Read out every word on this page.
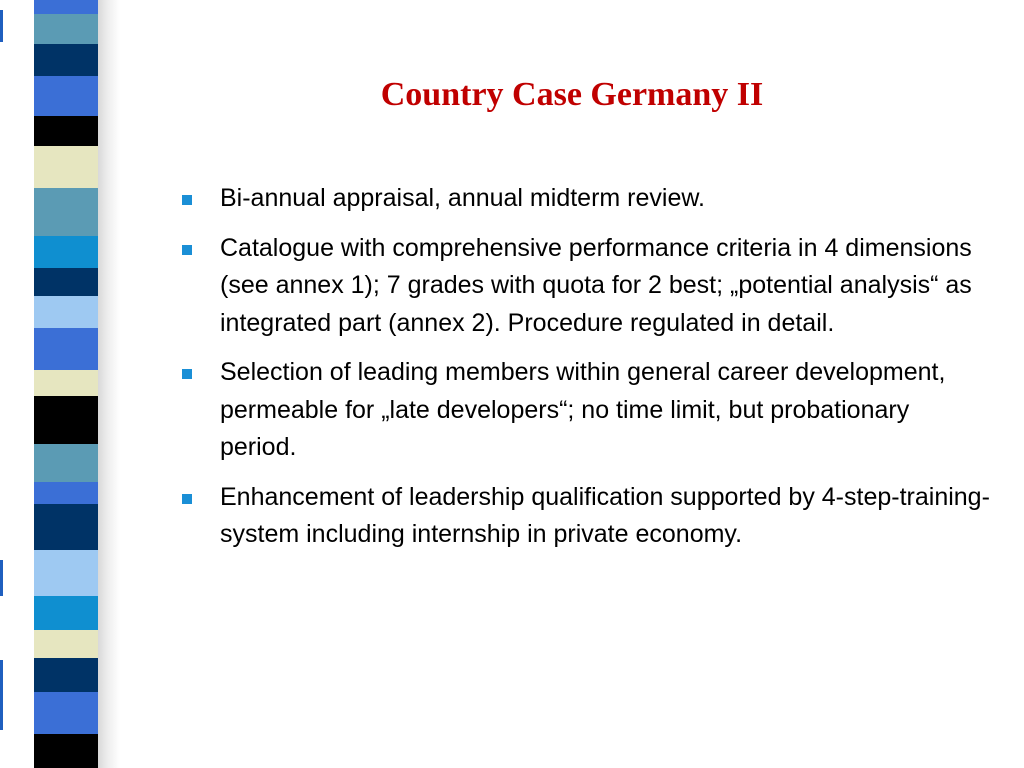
Country Case Germany II
Bi-annual appraisal, annual midterm review.
Catalogue with comprehensive performance criteria in 4 dimensions (see annex 1); 7 grades with quota for 2 best; „potential analysis“ as integrated part (annex 2). Procedure regulated in detail.
Selection of leading members within general career development, permeable for „late developers“; no time limit, but probationary period.
Enhancement of leadership qualification supported by 4-step-training-system including internship in private economy.
